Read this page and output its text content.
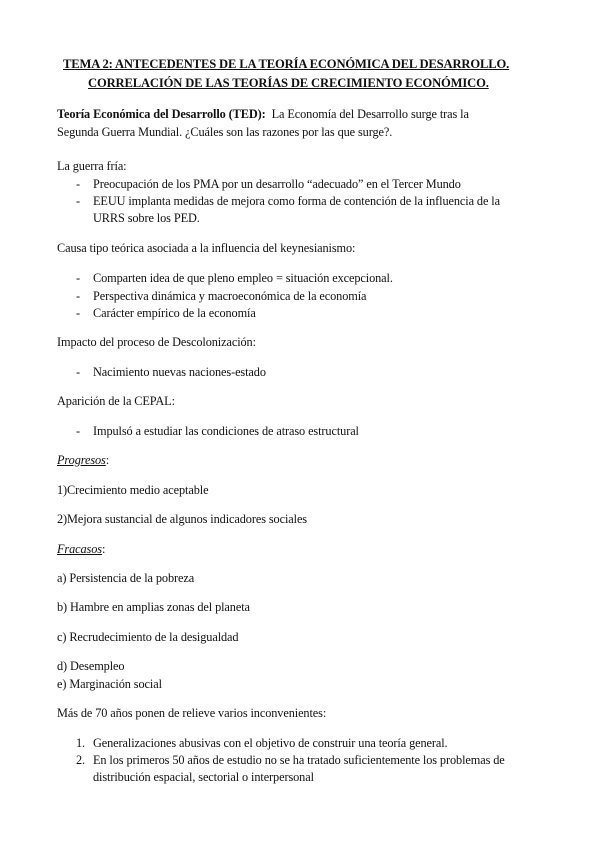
TEMA 2: ANTECEDENTES DE LA TEORÍA ECONÓMICA DEL DESARROLLO.
CORRELACIÓN DE LAS TEORÍAS DE CRECIMIENTO ECONÓMICO.
Teoría Económica del Desarrollo (TED): La Economía del Desarrollo surge tras la
Segunda Guerra Mundial. ¿Cuáles son las razones por las que surge?.
La guerra fría:
- Preocupación de los PMA por un desarrollo “adecuado” en el Tercer Mundo
- EEUU implanta medidas de mejora como forma de contención de la influencia de la
URRS sobre los PED.
Causa tipo teórica asociada a la influencia del keynesianismo:
- Comparten idea de que pleno empleo = situación excepcional.
- Perspectiva dinámica y macroeconómica de la economía
- Carácter empírico de la economía
Impacto del proceso de Descolonización:
- Nacimiento nuevas naciones-estado
Aparición de la CEPAL:
- Impulsó a estudiar las condiciones de atraso estructural
Progresos:
1)Crecimiento medio aceptable
2)Mejora sustancial de algunos indicadores sociales
Fracasos:
a) Persistencia de la pobreza
b) Hambre en amplias zonas del planeta
c) Recrudecimiento de la desigualdad
d) Desempleo
e) Marginación social
Más de 70 años ponen de relieve varios inconvenientes:
1. Generalizaciones abusivas con el objetivo de construir una teoría general.
2. En los primeros 50 años de estudio no se ha tratado suficientemente los problemas de
distribución espacial, sectorial o interpersonal
